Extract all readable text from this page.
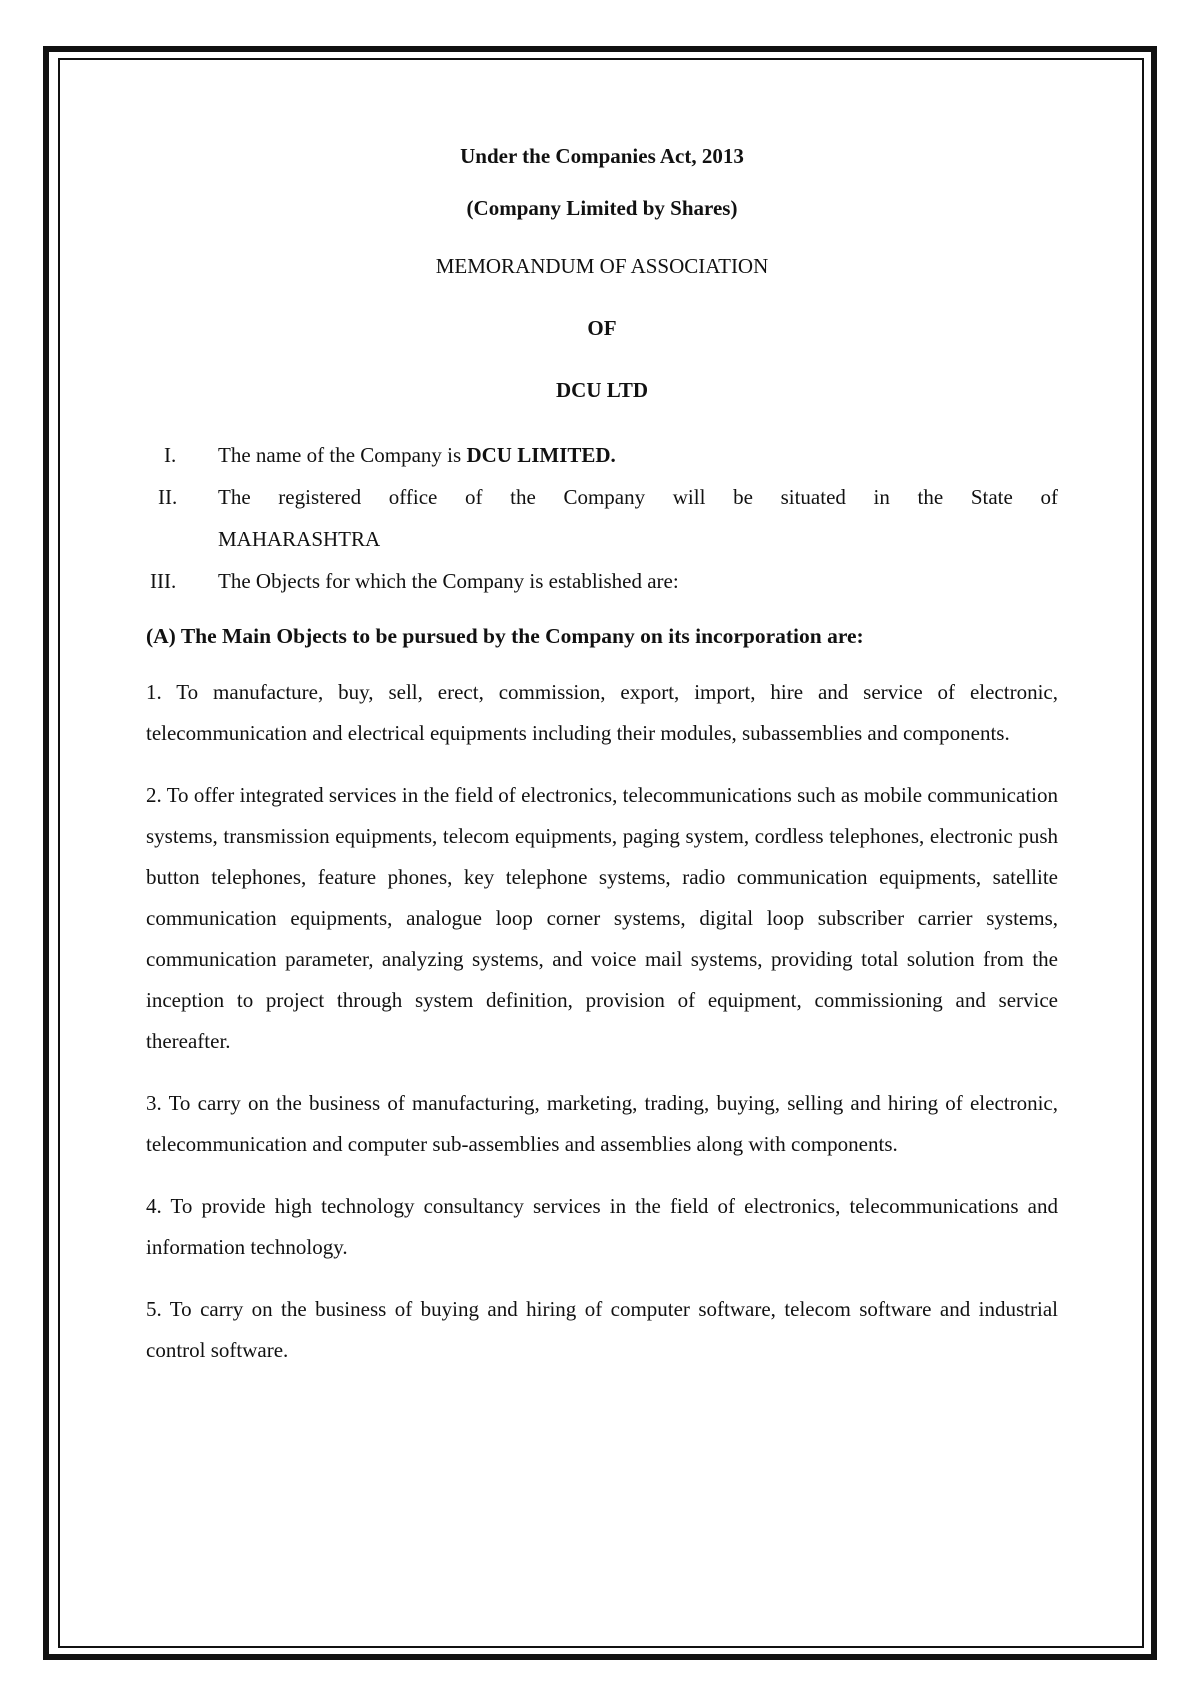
Under the Companies Act, 2013

(Company Limited by Shares)

MEMORANDUM OF ASSOCIATION

OF

DCU LTD

I.	The name of the Company is DCU LIMITED.
II.	The registered office of the Company will be situated in the State of
MAHARASHTRA
III.	The Objects for which the Company is established are:

(A) The Main Objects to be pursued by the Company on its incorporation are:

1. To manufacture, buy, sell, erect, commission, export, import, hire and service of electronic, telecommunication and electrical equipments including their modules, subassemblies and components.

2. To offer integrated services in the field of electronics, telecommunications such as mobile communication systems, transmission equipments, telecom equipments, paging system, cordless telephones, electronic push button telephones, feature phones, key telephone systems, radio communication equipments, satellite communication equipments, analogue loop corner systems, digital loop subscriber carrier systems, communication parameter, analyzing systems, and voice mail systems, providing total solution from the inception to project through system definition, provision of equipment, commissioning and service thereafter.

3. To carry on the business of manufacturing, marketing, trading, buying, selling and hiring of electronic, telecommunication and computer sub-assemblies and assemblies along with components.

4. To provide high technology consultancy services in the field of electronics, telecommunications and information technology.

5. To carry on the business of buying and hiring of computer software, telecom software and industrial control software.
